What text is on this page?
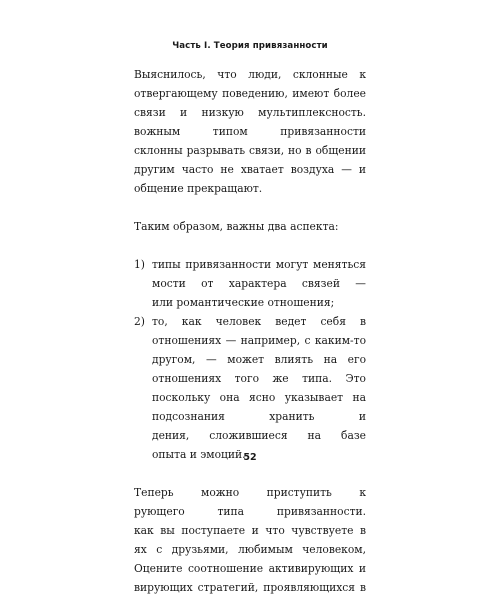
Часть I. Теория привязанности
Выяснилось, что люди, склонные к
отвергающему поведению, имеют более
связи и низкую мультиплексность.
вожным типом привязанности
склонны разрывать связи, но в общении
другим часто не хватает воздуха — и
общение прекращают.
Таким образом, важны два аспекта:
1) типы привязанности могут меняться
мости от характера связей —
или романтические отношения;
2) то, как человек ведет себя в
отношениях — например, с каким-то
другом, — может влиять на его
отношениях того же типа. Это
поскольку она ясно указывает на
подсознания хранить и
дения, сложившиеся на базе
опыта и эмоций.
Теперь можно приступить к
рующего типа привязанности.
как вы поступаете и что чувствуете в
ях с друзьями, любимым человеком,
Оцените соотношение активирующих и
вирующих стратегий, проявляющихся в
52
